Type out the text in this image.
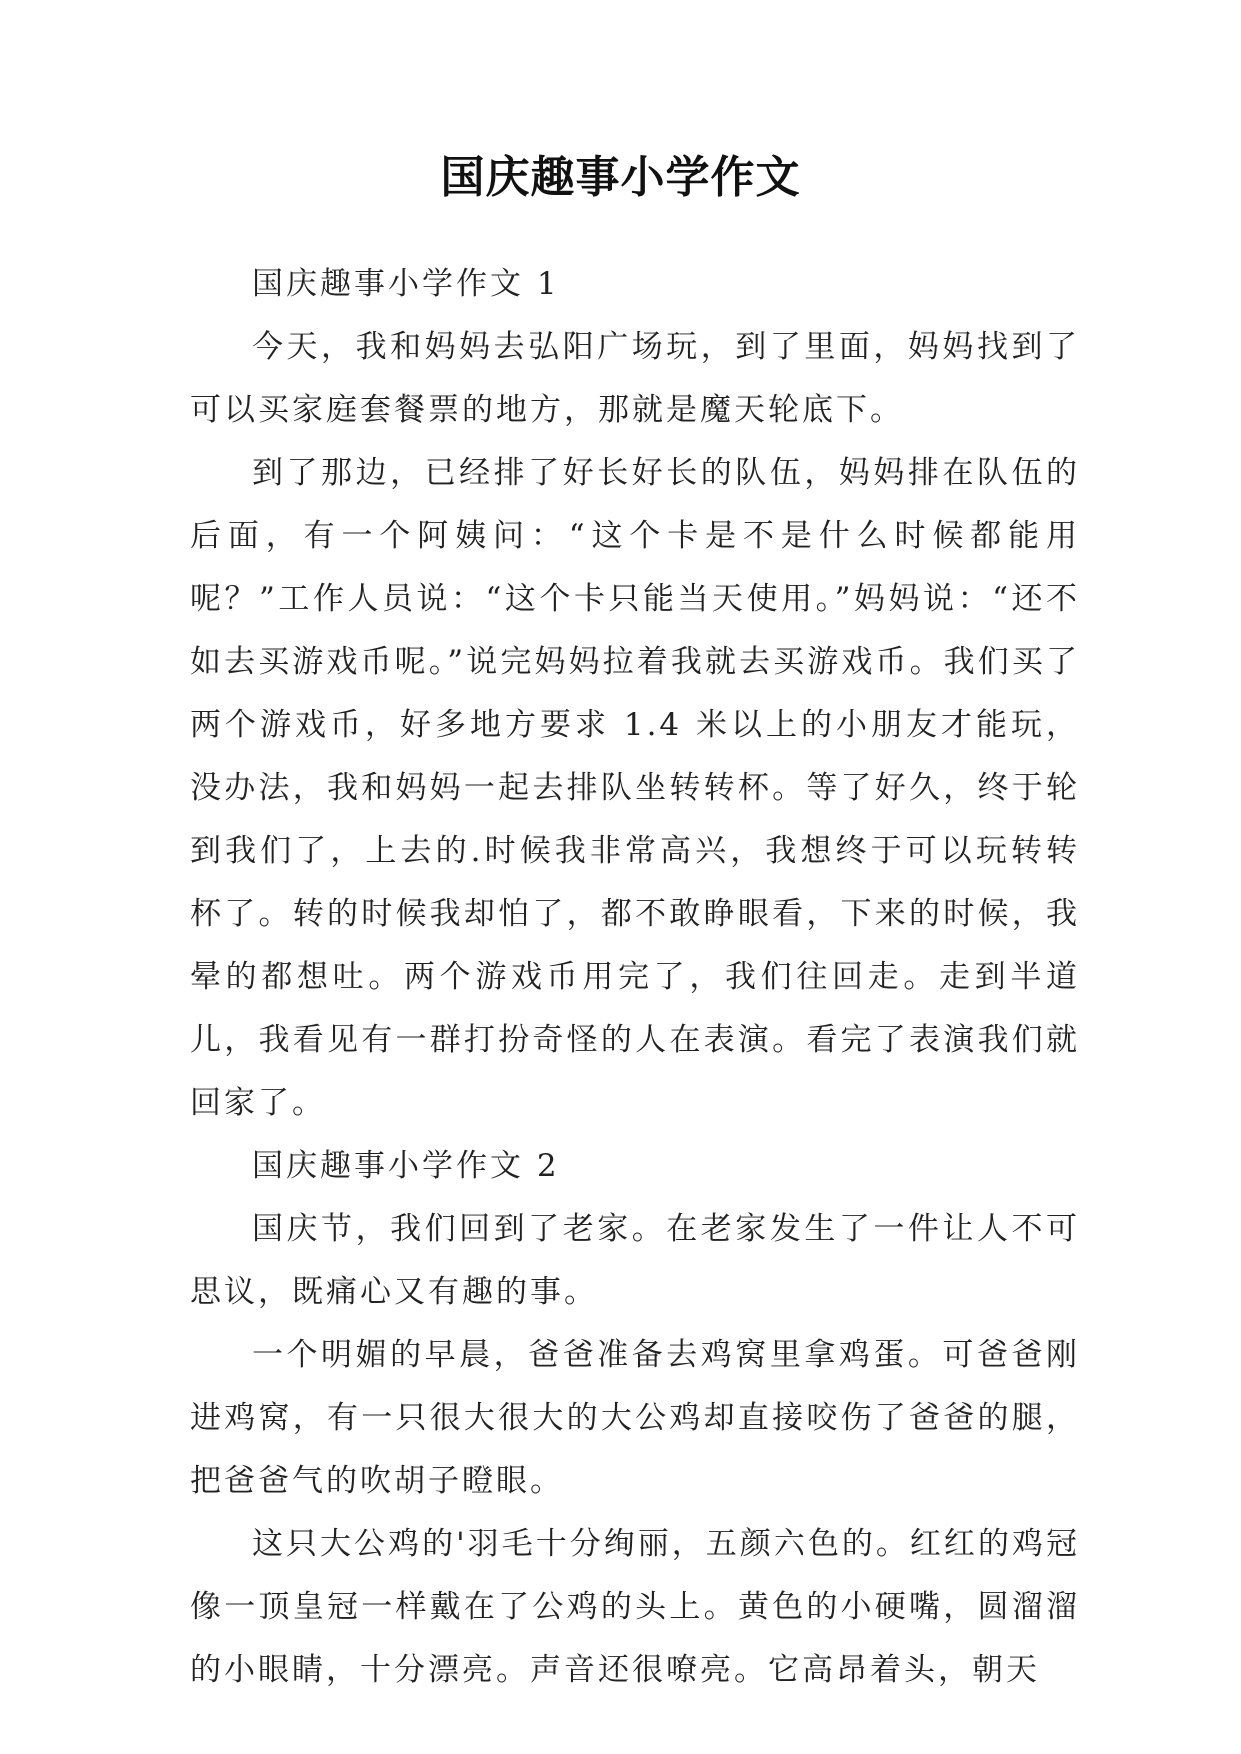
国庆趣事小学作文

国庆趣事小学作文 1

今天，我和妈妈去弘阳广场玩，到了里面，妈妈找到了可以买家庭套餐票的地方，那就是魔天轮底下。

到了那边，已经排了好长好长的队伍，妈妈排在队伍的后面，有一个阿姨问：“这个卡是不是什么时候都能用呢？”工作人员说：“这个卡只能当天使用。”妈妈说：“还不如去买游戏币呢。”说完妈妈拉着我就去买游戏币。我们买了两个游戏币，好多地方要求 1.4 米以上的小朋友才能玩，没办法，我和妈妈一起去排队坐转转杯。等了好久，终于轮到我们了，上去的.时候我非常高兴，我想终于可以玩转转杯了。转的时候我却怕了，都不敢睁眼看，下来的时候，我晕的都想吐。两个游戏币用完了，我们往回走。走到半道儿，我看见有一群打扮奇怪的人在表演。看完了表演我们就回家了。

国庆趣事小学作文 2

国庆节，我们回到了老家。在老家发生了一件让人不可思议，既痛心又有趣的事。

一个明媚的早晨，爸爸准备去鸡窝里拿鸡蛋。可爸爸刚进鸡窝，有一只很大很大的大公鸡却直接咬伤了爸爸的腿，把爸爸气的吹胡子瞪眼。

这只大公鸡的'羽毛十分绚丽，五颜六色的。红红的鸡冠像一顶皇冠一样戴在了公鸡的头上。黄色的小硬嘴，圆溜溜的小眼睛，十分漂亮。声音还很嘹亮。它高昂着头，朝天
